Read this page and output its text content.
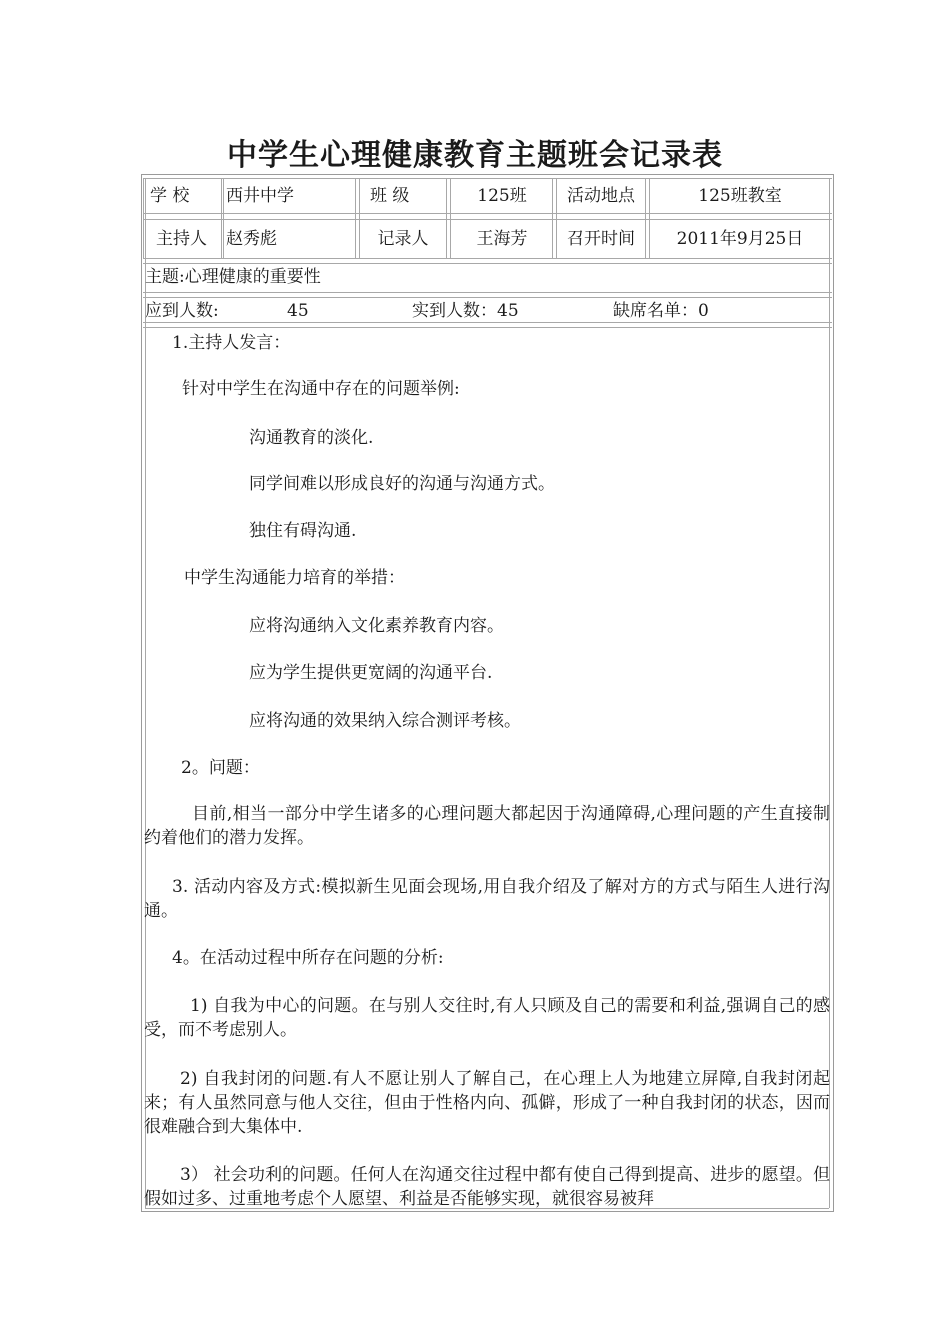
中学生心理健康教育主题班会记录表
学 校	西井中学	班 级	125班	活动地点	125班教室
主持人 赵秀彪	记录人	王海芳	召开时间	2011年9月25日
主题:心理健康的重要性
应到人数:	45	实到人数：45	缺席名单：0

1.主持人发言：

针对中学生在沟通中存在的问题举例:

沟通教育的淡化.

同学间难以形成良好的沟通与沟通方式。

独住有碍沟通.

中学生沟通能力培育的举措：

应将沟通纳入文化素养教育内容。

应为学生提供更宽阔的沟通平台.

应将沟通的效果纳入综合测评考核。

2。问题：

目前,相当一部分中学生诸多的心理问题大都起因于沟通障碍,心理问题的产生直接制约着他们的潜力发挥。

3. 活动内容及方式:模拟新生见面会现场,用自我介绍及了解对方的方式与陌生人进行沟通。

4。在活动过程中所存在问题的分析:

1) 自我为中心的问题。在与别人交往时,有人只顾及自己的需要和利益,强调自己的感受，而不考虑别人。

2) 自我封闭的问题.有人不愿让别人了解自己，在心理上人为地建立屏障,自我封闭起来；有人虽然同意与他人交往，但由于性格内向、孤僻，形成了一种自我封闭的状态，因而很难融合到大集体中.

3） 社会功利的问题。任何人在沟通交往过程中都有使自己得到提高、进步的愿望。但假如过多、过重地考虑个人愿望、利益是否能够实现，就很容易被拜
